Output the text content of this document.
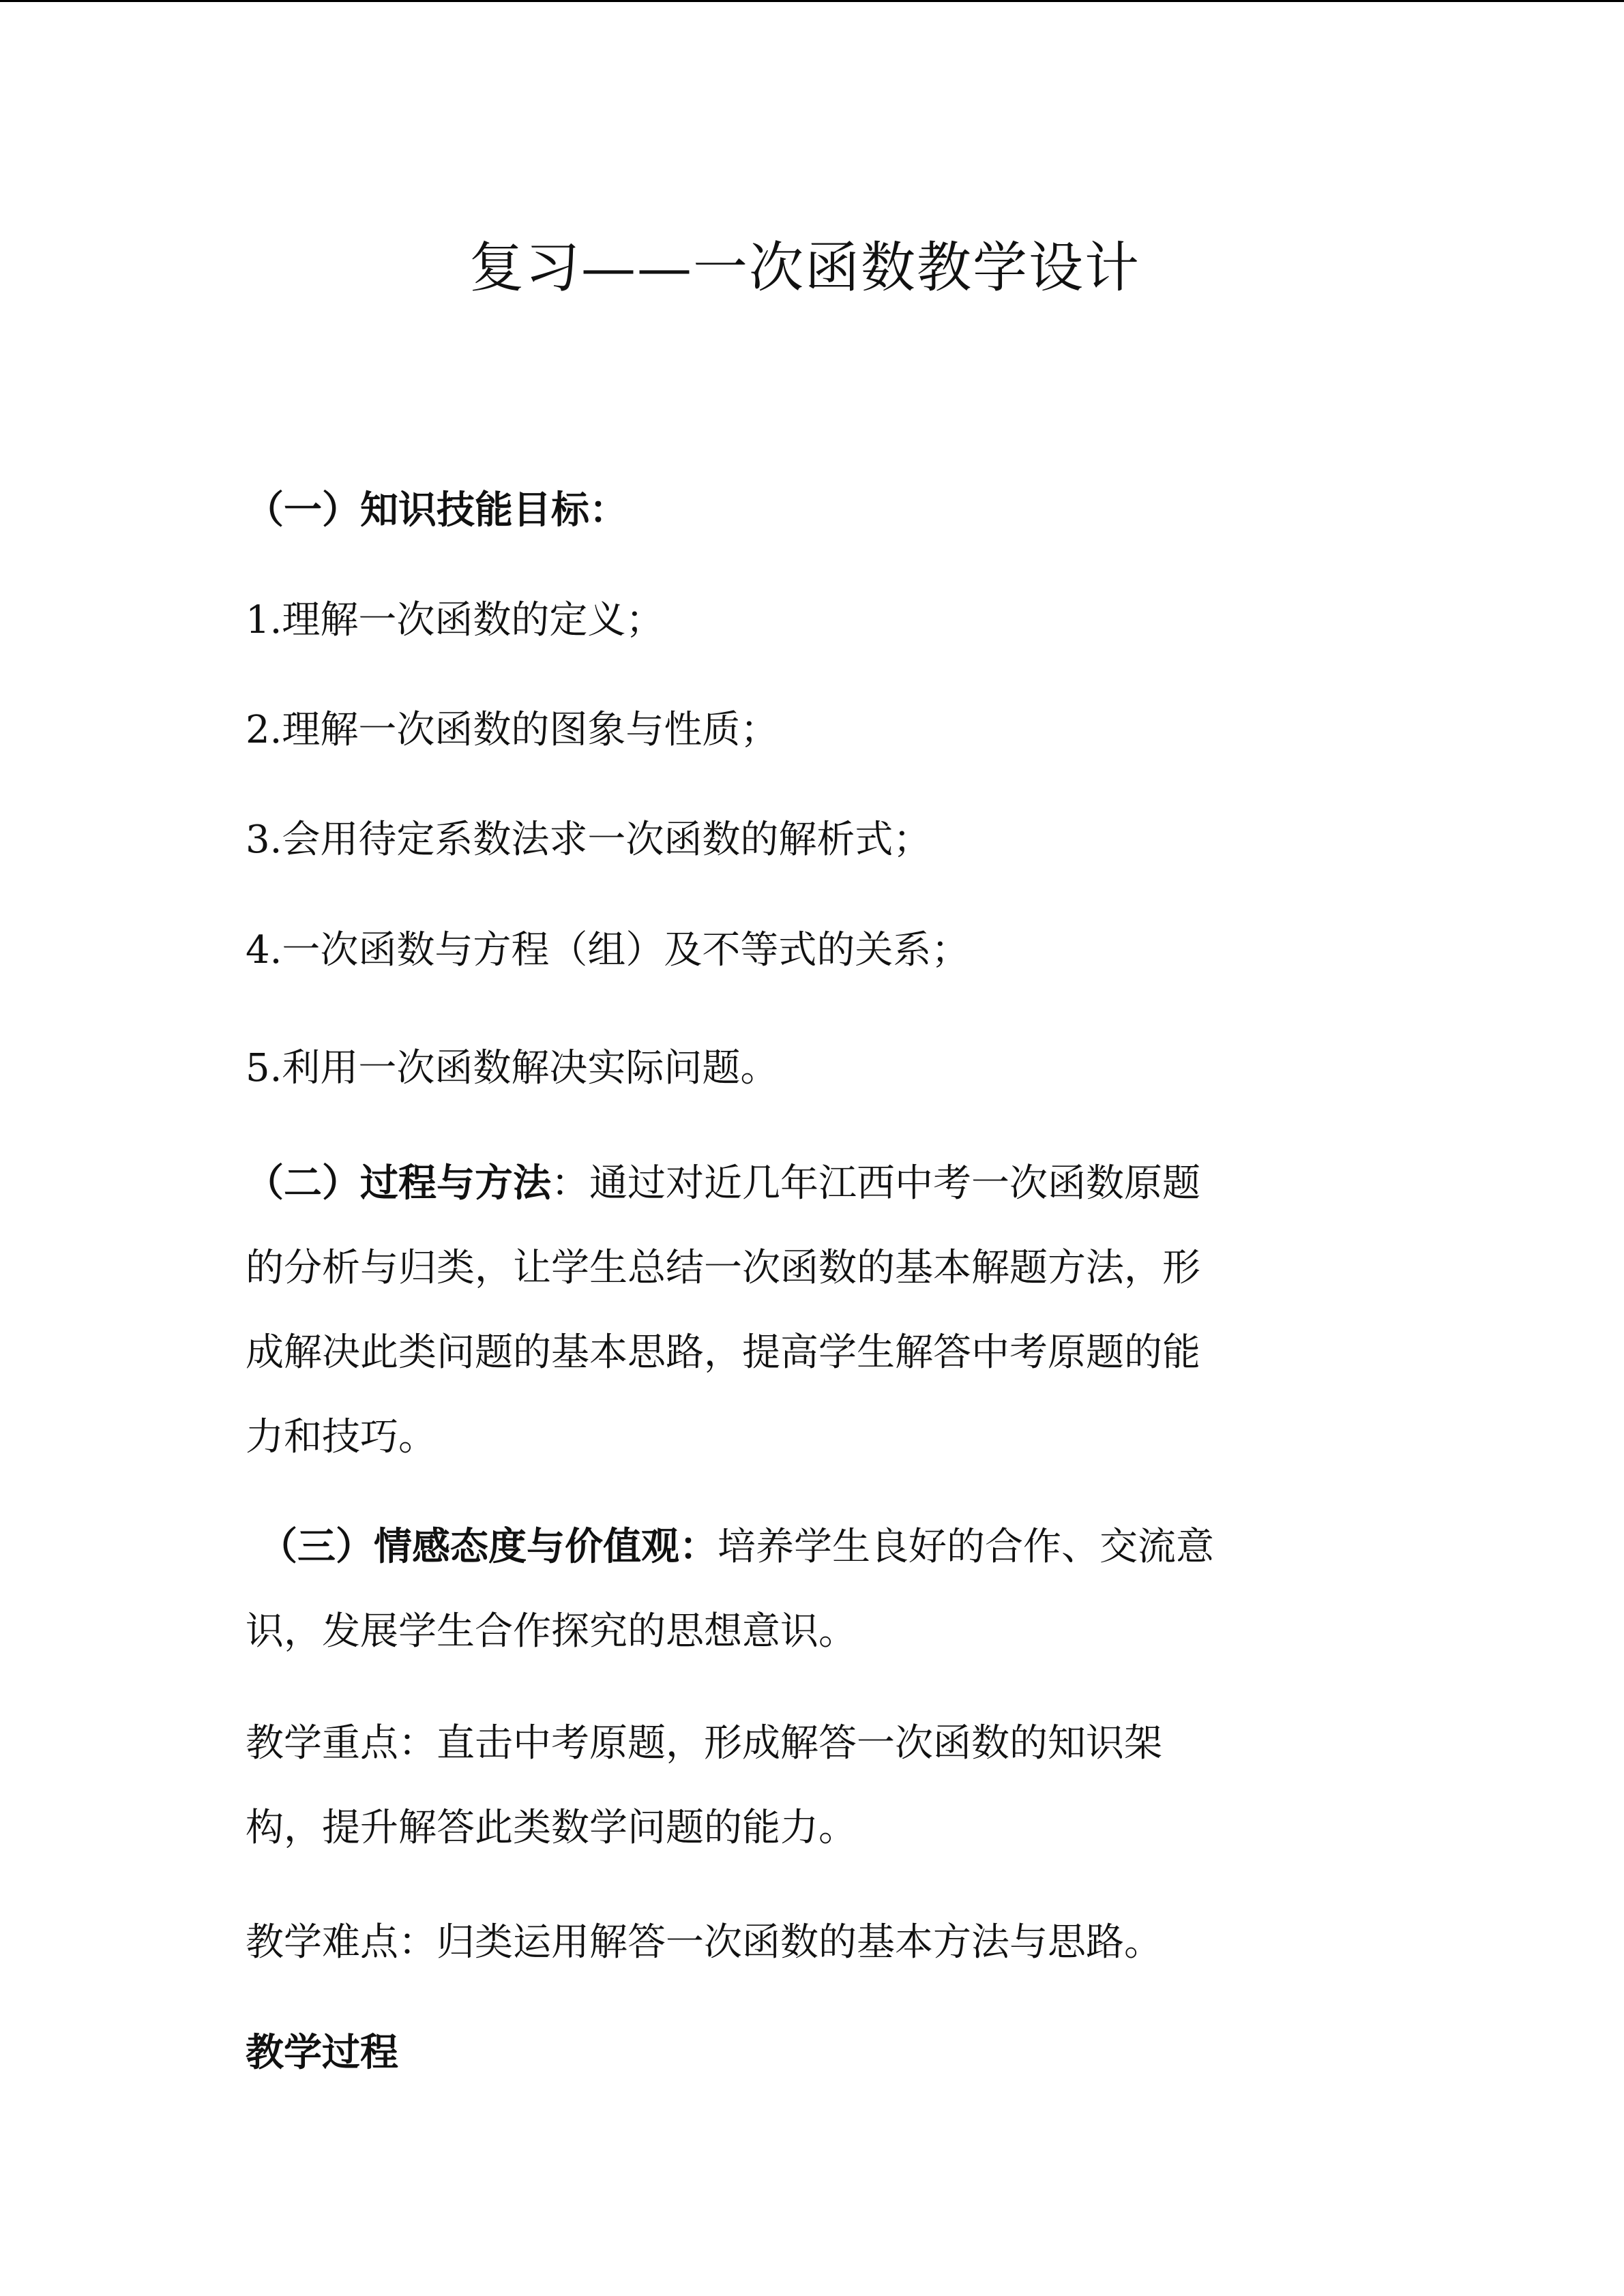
复习——一次函数教学设计
（一）知识技能目标：
1.理解一次函数的定义；
2.理解一次函数的图象与性质；
3.会用待定系数法求一次函数的解析式；
4.一次函数与方程（组）及不等式的关系；
5.利用一次函数解决实际问题。
（二）过程与方法：通过对近几年江西中考一次函数原题
的分析与归类，让学生总结一次函数的基本解题方法，形
成解决此类问题的基本思路，提高学生解答中考原题的能
力和技巧。
（三）情感态度与价值观：培养学生良好的合作、交流意
识，发展学生合作探究的思想意识。
教学重点：直击中考原题，形成解答一次函数的知识架
构，提升解答此类数学问题的能力。
教学难点：归类运用解答一次函数的基本方法与思路。
教学过程
